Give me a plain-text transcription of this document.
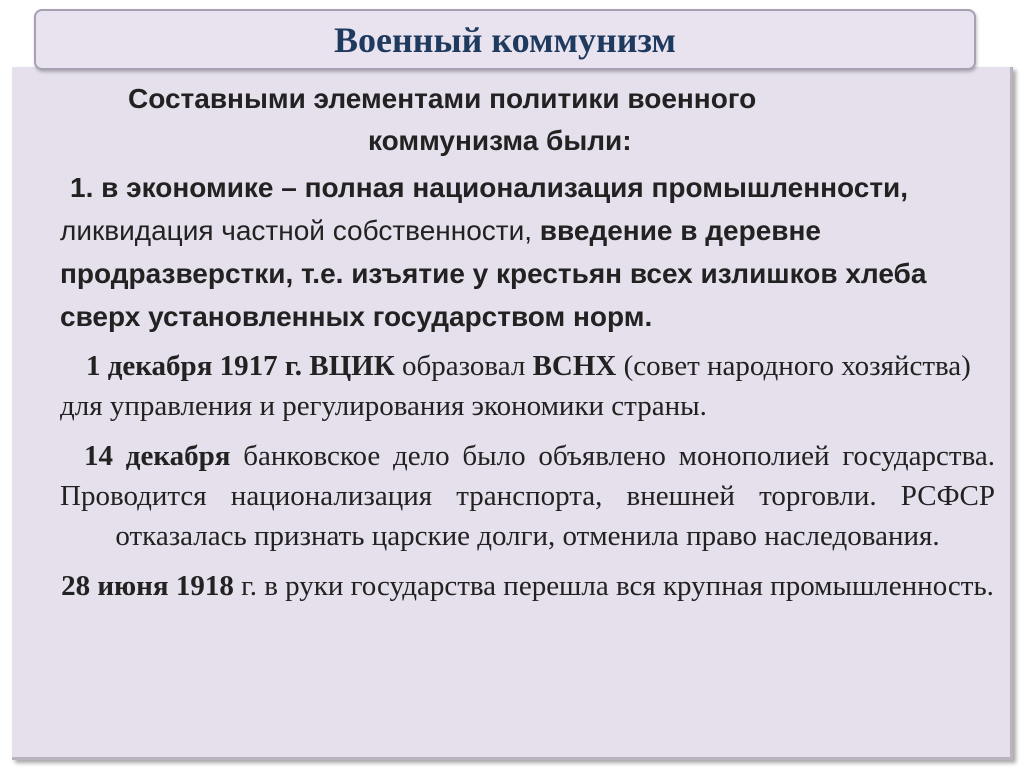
Военный коммунизм

Составными элементами политики военного
коммунизма были:

1. в экономике – полная национализация промышленности, ликвидация частной собственности, введение в деревне продразверстки, т.е. изъятие у крестьян всех излишков хлеба сверх установленных государством норм.

1 декабря 1917 г. ВЦИК образовал ВСНХ (совет народного хозяйства) для управления и регулирования экономики страны.

14 декабря банковское дело было объявлено монополией государства. Проводится национализация транспорта, внешней торговли. РСФСР отказалась признать царские долги, отменила право наследования.

28 июня 1918 г. в руки государства перешла вся крупная промышленность.
